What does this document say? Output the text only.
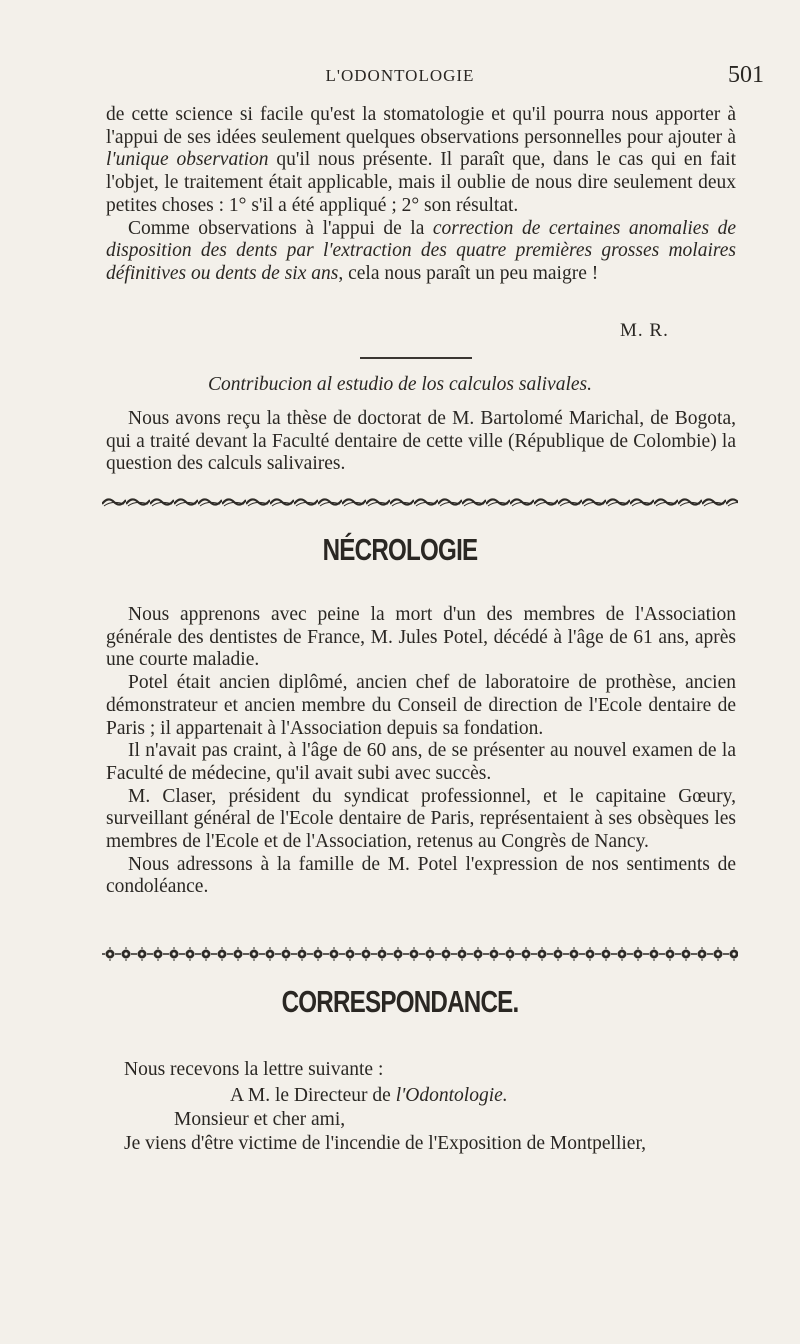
L'ODONTOLOGIE	501

de cette science si facile qu'est la stomatologie et qu'il pourra nous apporter à l'appui de ses idées seulement quelques observations personnelles pour ajouter à l'unique observation qu'il nous présente. Il paraît que, dans le cas qui en fait l'objet, le traitement était applicable, mais il oublie de nous dire seulement deux petites choses : 1° s'il a été appliqué ; 2° son résultat.

Comme observations à l'appui de la correction de certaines anomalies de disposition des dents par l'extraction des quatre premières grosses molaires définitives ou dents de six ans, cela nous paraît un peu maigre !

M. R.
Contribucion al estudio de los calculos salivales.

Nous avons reçu la thèse de doctorat de M. Bartolomé Marichal, de Bogota, qui a traité devant la Faculté dentaire de cette ville (République de Colombie) la question des calculs salivaires.

NÉCROLOGIE

Nous apprenons avec peine la mort d'un des membres de l'Association générale des dentistes de France, M. Jules Potel, décédé à l'âge de 61 ans, après une courte maladie.

Potel était ancien diplômé, ancien chef de laboratoire de prothèse, ancien démonstrateur et ancien membre du Conseil de direction de l'Ecole dentaire de Paris ; il appartenait à l'Association depuis sa fondation.

Il n'avait pas craint, à l'âge de 60 ans, de se présenter au nouvel examen de la Faculté de médecine, qu'il avait subi avec succès.

M. Claser, président du syndicat professionnel, et le capitaine Gœury, surveillant général de l'Ecole dentaire de Paris, représentaient à ses obsèques les membres de l'Ecole et de l'Association, retenus au Congrès de Nancy.

Nous adressons à la famille de M. Potel l'expression de nos sentiments de condoléance.

CORRESPONDANCE.
Nous recevons la lettre suivante :
A M. le Directeur de l'Odontologie.
Monsieur et cher ami,
Je viens d'être victime de l'incendie de l'Exposition de Montpellier,
